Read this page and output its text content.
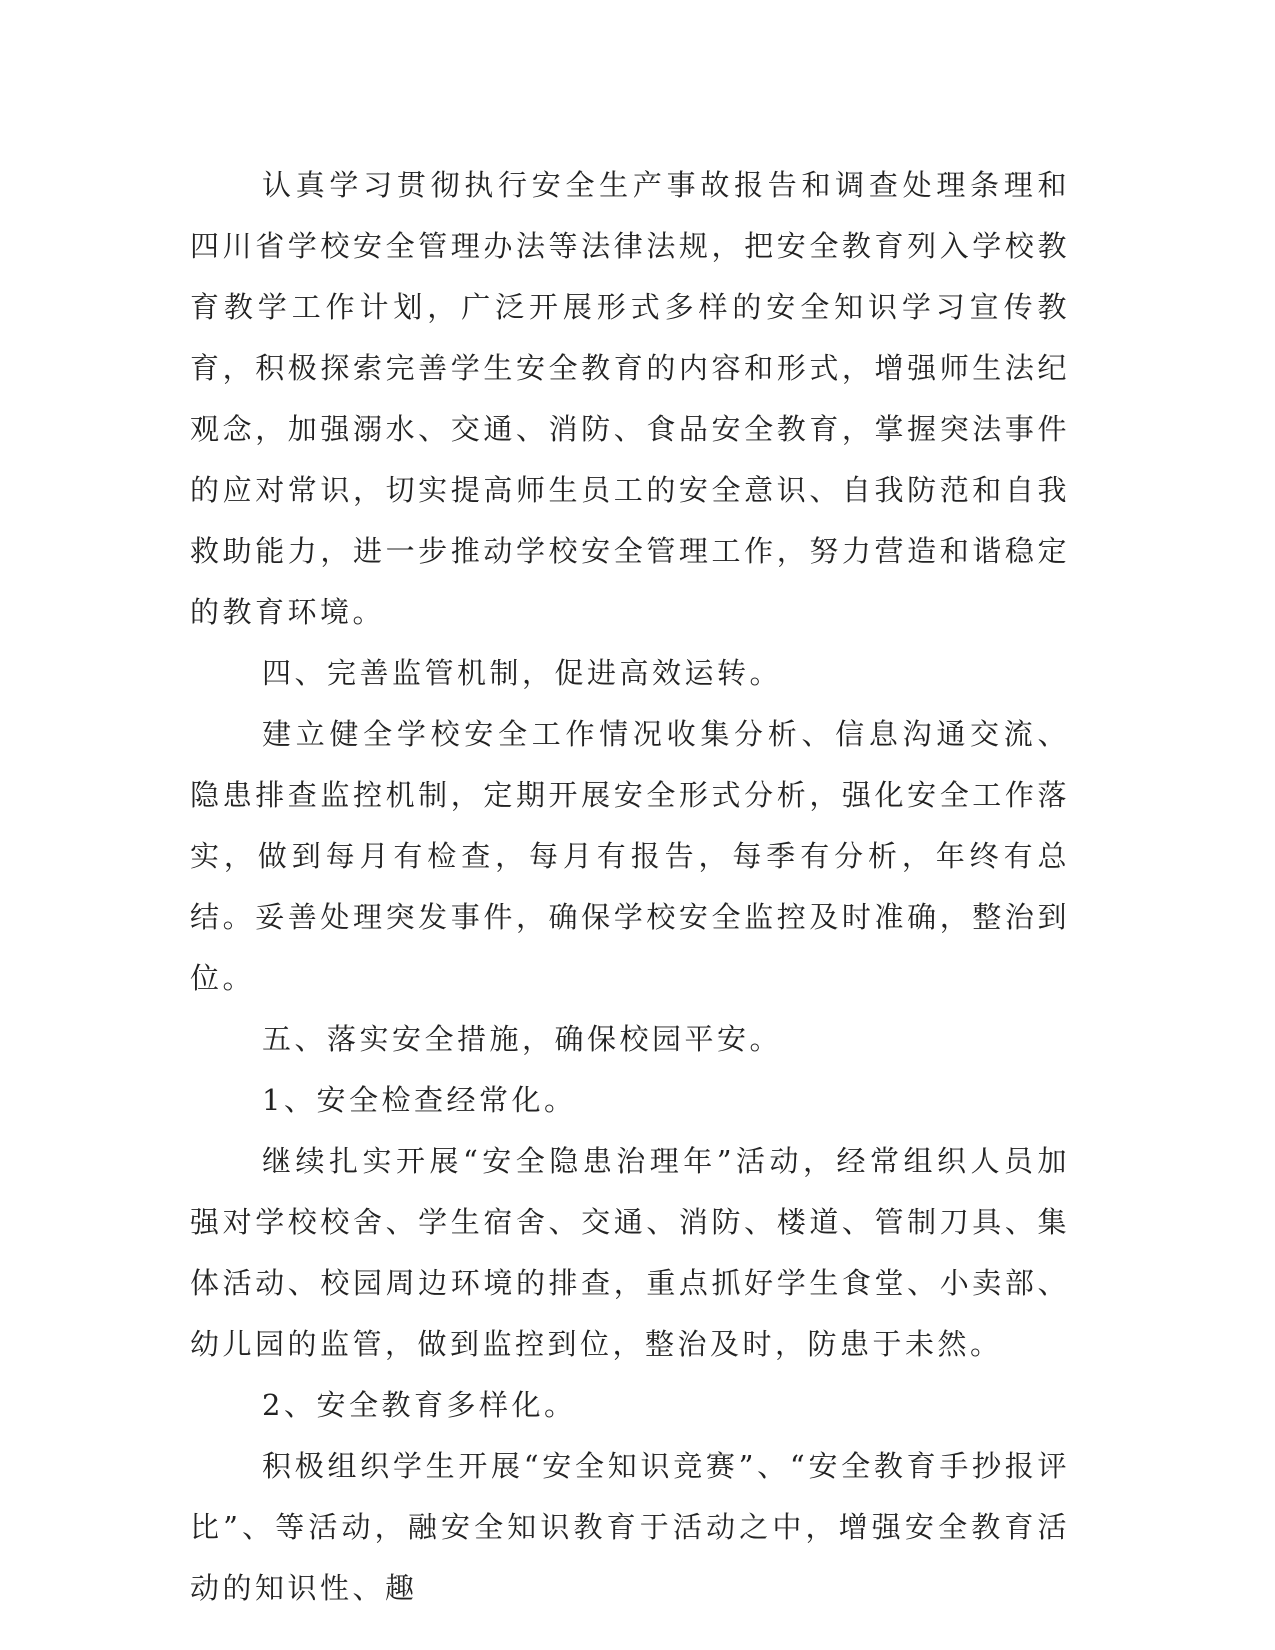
认真学习贯彻执行安全生产事故报告和调查处理条理和四川省学校安全管理办法等法律法规，把安全教育列入学校教育教学工作计划，广泛开展形式多样的安全知识学习宣传教育，积极探索完善学生安全教育的内容和形式，增强师生法纪观念，加强溺水、交通、消防、食品安全教育，掌握突法事件的应对常识，切实提高师生员工的安全意识、自我防范和自我救助能力，进一步推动学校安全管理工作，努力营造和谐稳定的教育环境。

四、完善监管机制，促进高效运转。

建立健全学校安全工作情况收集分析、信息沟通交流、隐患排查监控机制，定期开展安全形式分析，强化安全工作落实，做到每月有检查，每月有报告，每季有分析，年终有总结。妥善处理突发事件，确保学校安全监控及时准确，整治到位。

五、落实安全措施，确保校园平安。

1、安全检查经常化。

继续扎实开展“安全隐患治理年”活动，经常组织人员加强对学校校舍、学生宿舍、交通、消防、楼道、管制刀具、集体活动、校园周边环境的排查，重点抓好学生食堂、小卖部、幼儿园的监管，做到监控到位，整治及时，防患于未然。

2、安全教育多样化。

积极组织学生开展“安全知识竞赛”、“安全教育手抄报评比”、等活动，融安全知识教育于活动之中，增强安全教育活动的知识性、趣
